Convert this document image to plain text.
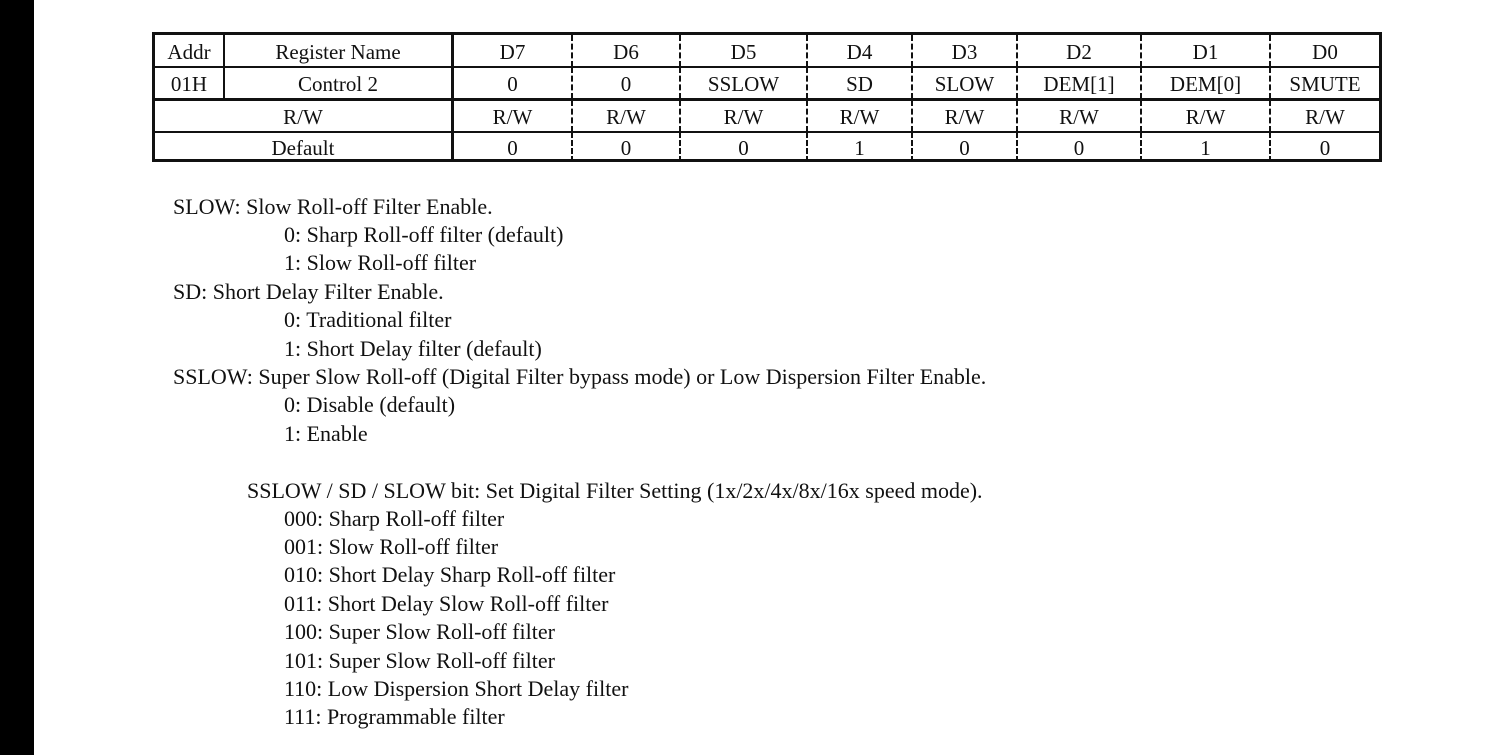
Addr	Register Name	D7	D6	D5	D4	D3	D2	D1	D0
01H	Control 2	0	0	SSLOW	SD	SLOW	DEM[1]	DEM[0]	SMUTE
R/W	R/W	R/W	R/W	R/W	R/W	R/W	R/W	R/W
Default	0	0	0	1	0	0	1	0
SLOW: Slow Roll-off Filter Enable.
0: Sharp Roll-off filter (default)
1: Slow Roll-off filter
SD: Short Delay Filter Enable.
0: Traditional filter
1: Short Delay filter (default)
SSLOW: Super Slow Roll-off (Digital Filter bypass mode) or Low Dispersion Filter Enable.
0: Disable (default)
1: Enable
SSLOW / SD / SLOW bit: Set Digital Filter Setting (1x/2x/4x/8x/16x speed mode).
000: Sharp Roll-off filter
001: Slow Roll-off filter
010: Short Delay Sharp Roll-off filter
011: Short Delay Slow Roll-off filter
100: Super Slow Roll-off filter
101: Super Slow Roll-off filter
110: Low Dispersion Short Delay filter
111: Programmable filter
